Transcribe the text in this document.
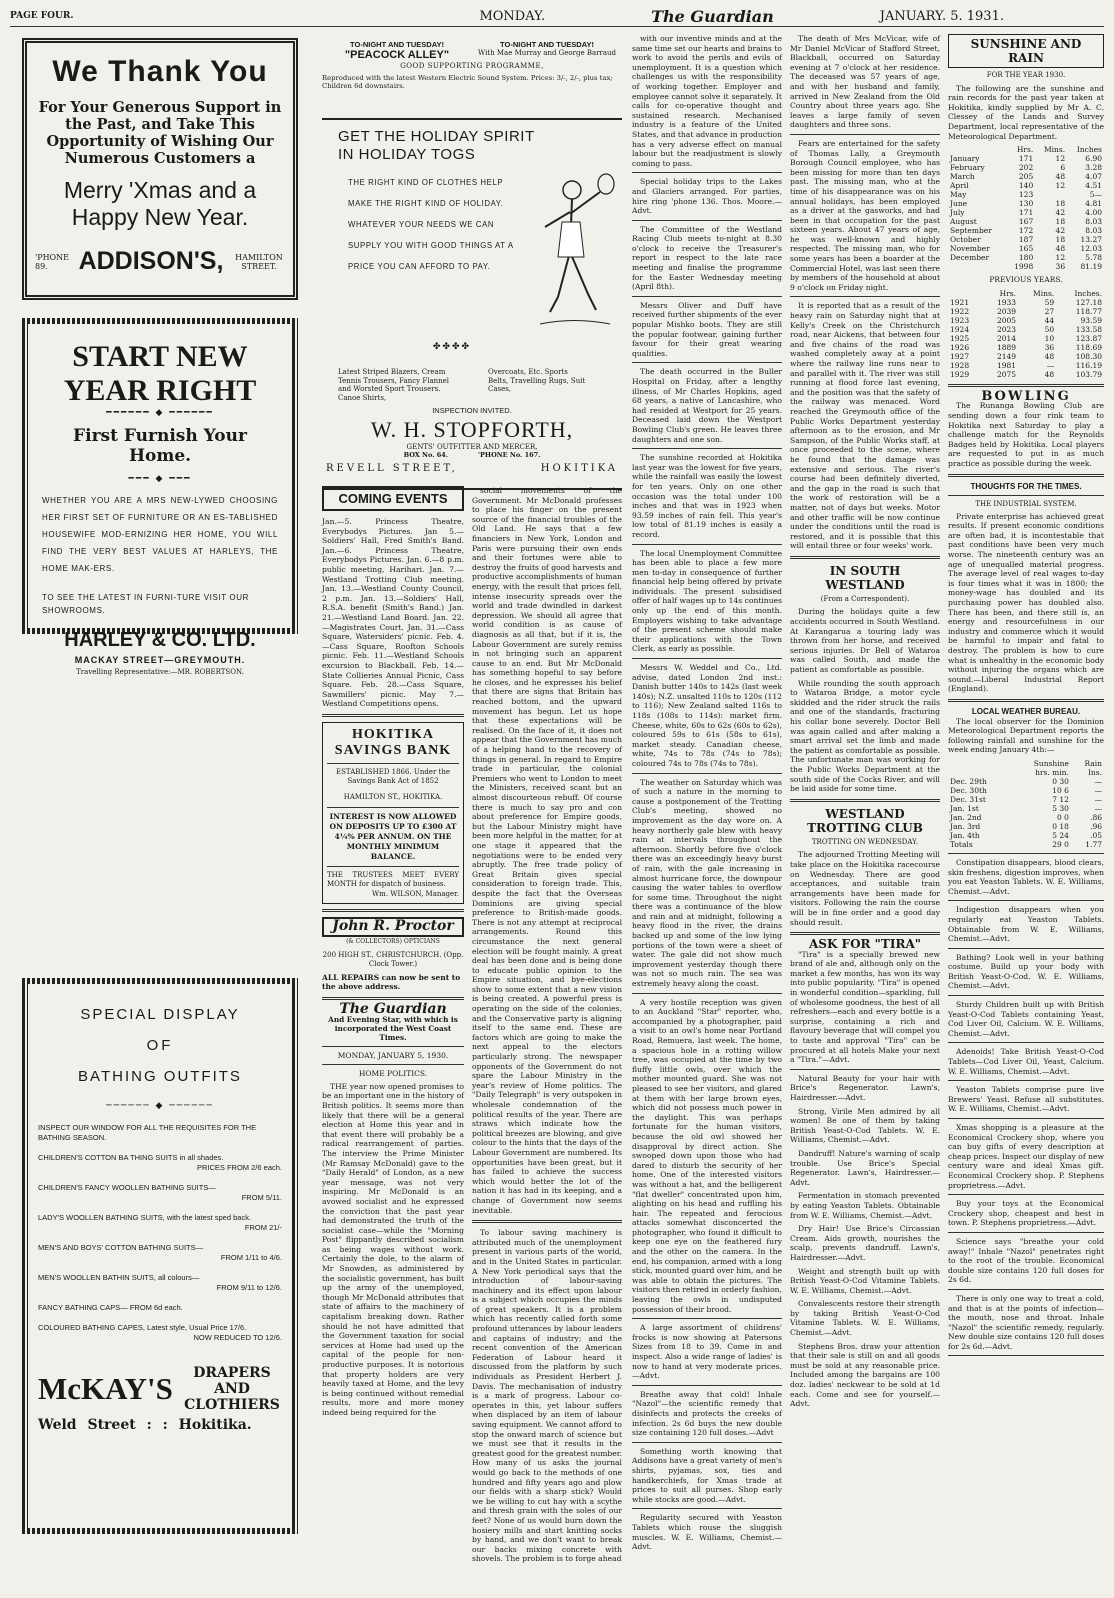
PAGE FOUR.	MONDAY.	The Guardian	JANUARY. 5. 1931.
We Thank You
For Your Generous Support in the Past, and Take This Opportunity of Wishing Our Numerous Customers a
Merry 'Xmas and a Happy New Year.
'PHONE 89.	ADDISON'S, HAMILTON STREET.
START NEW YEAR RIGHT
━━━━━━ ◆ ━━━━━━
First Furnish Your Home.
━━━ ◆ ━━━
WHETHER YOU ARE A MRS NEW-LYWED CHOOSING HER FIRST SET OF FURNITURE OR AN ES-TABLISHED HOUSEWIFE MOD-ERNIZING HER HOME, YOU WILL FIND THE VERY BEST VALUES AT HARLEYS, THE HOME MAK-ERS.
TO SEE THE LATEST IN FURNI-TURE VISIT OUR SHOWROOMS.
HARLEY & CO. LTD.
MACKAY STREET—GREYMOUTH.
Travelling Representative:—MR. ROBERTSON.
SPECIAL DISPLAY
OF
BATHING OUTFITS
────── ◆ ──────
INSPECT OUR WINDOW FOR ALL THE REQUISITES FOR THE BATHING SEASON.
CHILDREN'S COTTON BA THING SUITS in all shades.
PRICES FROM 2/6 each.
CHILDREN'S FANCY WOOLLEN BATHING SUITS—
FROM 5/11.
LADY'S WOOLLEN BATHING SUITS, with the latest sped back.
FROM 21/-
MEN'S AND BOYS' COTTON BATHING SUITS—
FROM 1/11 to 4/6.
MEN'S WOOLLEN BATHIN SUITS, all colours—
FROM 9/11 to 12/6.
FANCY BATHING CAPS— FROM 6d each.
COLOURED BATHING CAPES, Latest style, Usual Price 17/6.
NOW REDUCED TO 12/6.
McKAY'S	DRAPERS AND CLOTHIERS
Weld Street : : Hokitika.
TO-NIGHT AND TUESDAY!
"PEACOCK ALLEY"
TO-NIGHT AND TUESDAY!
With Mae Murray and George Barraud
GOOD SUPPORTING PROGRAMME,
Reproduced with the latest Western Electric Sound System. Prices: 3/-, 2/-, plus tax; Children 6d downstairs.
GET THE HOLIDAY SPIRIT IN HOLIDAY TOGS
THE RIGHT KIND OF CLOTHES HELP MAKE THE RIGHT KIND OF HOLIDAY. WHATEVER YOUR NEEDS WE CAN SUPPLY YOU WITH GOOD THINGS AT A PRICE YOU CAN AFFORD TO PAY.
✤✤✤✤
Latest Striped Blazers, Cream Tennis Trousers, Fancy Flannel and Worsted Sport Trousers. Canoe Shirts,
Overcoats, Etc. Sports Belts, Travelling Rugs, Suit Cases,
INSPECTION INVITED.
W. H. STOPFORTH,
GENTS' OUTFITTER AND MERCER,
BOX No. 64.	'PHONE No. 167.
REVELL STREET,	HOKITIKA
COMING EVENTS
Jan.—5. Princess Theatre, Everybodys Pictures. Jan 5.—Soldiers' Hall, Fred Smith's Band. Jan.—6. Princess Theatre, Everybodys Pictures. Jan. 6.—8 p.m. public meeting, Harihari. Jan. 7.—Westland Trotting Club meeting. Jan. 13.—Westland County Council, 2 p.m. Jan. 13.—Soldiers' Hall, R.S.A. benefit (Smith's Band.) Jan. 21.—Westland Land Board. Jan. 22.—Magistrates Court. Jan. 31.—Cass Square, Watersiders' picnic. Feb. 4.—Cass Square, Roofton Schools picnic. Feb. 11.—Westland Schools excursion to Blackball. Feb. 14.—State Collieries Annual Picnic, Cass Square. Feb. 28.—Cass Square, Sawmillers' picnic. May 7.—Westland Competitions opens.
HOKITIKA SAVINGS BANK
ESTABLISHED 1866. Under the Savings Bank Act of 1852
HAMILTON ST., HOKITIKA.
INTEREST IS NOW ALLOWED ON DEPOSITS UP TO £300 AT 4¼% PER ANNUM. ON THE MONTHLY MINIMUM BALANCE.
THE TRUSTEES MEET EVERY MONTH for dispatch of business.
Wm. WILSON, Manager.
John R. Proctor
(& COLLECTORS) OPTICIANS
200 HIGH ST., CHRISTCHURCH. (Opp. Clock Tower.)
ALL REPAIRS can now be sent to the above address.
The Guardian
And Evening Star, with which is incorporated the West Coast Times.
MONDAY, JANUARY 5, 1930.
HOME POLITICS.

THE year now opened promises to be an important one in the history of British politics. It seems more than likely that there will be a general election at Home this year and in that event there will probably be a radical rearrangement of parties. The interview the Prime Minister (Mr Ramsay McDonald) gave to the "Daily Herald" of London, as a new year message, was not very inspiring. Mr McDonald is an avowed socialist and he expressed the conviction that the past year had demonstrated the truth of the socialist case—while the "Morning Post" flippantly described socialism as being wages without work. Certainly the dole, to the alarm of Mr Snowden, as administered by the socialistic government, has built up the army of the unemployed, though Mr McDonald attributes that state of affairs to the machinery of capitalism breaking down. Rather should he not have admitted that the Government taxation for social services at Home had used up the capital of the people for non-productive purposes. It is notorious that property holders are very heavily taxed at Home, and the levy is being continued without remedial results, more and more money indeed being required for the

social movements of the Government. Mr McDonald professes to place his finger on the present source of the financial troubles of the Old Land. He says that a few financiers in New York, London and Paris were pursuing their own ends and their fortunes were able to destroy the fruits of good harvests and productive accomplishments of human energy, with the result that prices fell, intense insecurity spreads over the world and trade dwindled in darkest depression. We should all agree that world condition is as cause of diagnosis as all that, but if it is, the Labour Government are surely remiss in not bringing such an apparent cause to an end. But Mr McDonald has something hopeful to say before he closes, and he expresses his belief that there are signs that Britain has reached bottom, and the upward movement has begun. Let us hope that these expectations will be realised. On the face of it, it does not appear that the Government has much of a helping hand to the recovery of things in general. In regard to Empire trade in particular, the colonial Premiers who went to London to meet the Ministers, received scant but an almost discourteous rebuff. Of course there is much to say pro and con about preference for Empire goods, but the Labour Ministry might have been more helpful in the matter, for at one stage it appeared that the negotiations were to be ended very abruptly. The free trade policy of Great Britain gives special consideration to foreign trade. This, despite the fact that the Overseas Dominions are giving special preference to British-made goods. There is not any attempt at reciprocal arrangements. Round this circumstance the next general election will be fought mainly. A great deal has been done and is being done to educate public opinion to the Empire situation, and bye-elections show to some extent that a new vision is being created. A powerful press is operating on the side of the colonies, and the Conservative party is aligning itself to the same end. These are factors which are going to make the next appeal to the electors particularly strong. The newspaper opponents of the Government do not spare the Labour Ministry in the year's review of Home politics. The "Daily Telegraph" is very outspoken in wholesale condemnation of the political results of the year. There are straws which indicate how the political breezes are blowing, and give colour to the hints that the days of the Labour Government are numbered. Its opportunities have been great, but it has failed to achieve the success which would better the lot of the nation it has had in its keeping, and a change of Government now seems inevitable.

To labour saving machinery is attributed much of the unemployment present in various parts of the world, and in the United States in particular. A New York periodical says that the introduction of labour-saving machinery and its effect upon labour is a subject which occupies the minds of great speakers. It is a problem which has recently called forth some profound utterances by labour leaders and captains of industry; and the recent convention of the American Federation of Labour heard it discussed from the platform by such individuals as President Herbert J. Davis. The mechanisation of industry is a mark of progress. Labour co-operates in this, yet labour suffers when displaced by an item of labour saving equipment. We cannot afford to stop the onward march of science but we must see that it results in the greatest good for the greatest number. How many of us asks the journal would go back to the methods of one hundred and fifty years ago and plow our fields with a sharp stick? Would we be willing to cut hay with a scythe and thresh grain with the soles of our feet? None of us would burn down the hosiery mills and start knitting socks by hand, and we don't want to break our backs mixing concrete with shovels. The problem is to forge ahead

with our inventive minds and at the same time set our hearts and brains to work to avoid the perils and evils of unemployment. It is a question which challenges us with the responsibility of working together. Employer and employee cannot solve it separately. It calls for co-operative thought and sustained research. Mechanised industry is a feature of the United States, and that advance in production has a very adverse effect on manual labour but the readjustment is slowly coming to pass.

Special holiday trips to the Lakes and Glaciers arranged. For parties, hire ring 'phone 136. Thos. Moore.—Advt.

The Committee of the Westland Racing Club meets to-night at 8.30 o'clock to receive the Treasurer's report in respect to the late race meeting and finalise the programme for the Easter Wednesday meeting (April 8th).

Messrs Oliver and Duff have received further shipments of the ever popular Mishko boots. They are still the popular footwear, gaining further favour for their great wearing qualities.

The death occurred in the Buller Hospital on Friday, after a lengthy illness, of Mr Charles Hopkins, aged 68 years, a native of Lancashire, who had resided at Westport for 25 years. Deceased laid down the Westport Bowling Club's green. He leaves three daughters and one son.

The sunshine recorded at Hokitika last year was the lowest for five years, while the rainfall was easily the lowest for ten years. Only on one other occasion was the total under 100 inches and that was in 1923 when 93.59 inches of rain fell. This year's low total of 81.19 inches is easily a record.

The local Unemployment Committee has been able to place a few more men to-day in consequence of further financial help being offered by private individuals. The present subsidised offer of half wages up to 14s continues only up the end of this month. Employers wishing to take advantage of the present scheme should make their applications with the Town Clerk, as early as possible.

Messrs W. Weddel and Co., Ltd. advise, dated London 2nd inst.: Danish butter 140s to 142s (last week 140s); N.Z. unsalted 110s to 120s (112 to 116); New Zealand salted 116s to 118s (108s to 114s): market firm. Cheese, white, 60s to 62s (60s to 62s), coloured 59s to 61s (58s to 61s), market steady. Canadian cheese, white, 74s to 78s (74s to 78s); coloured 74s to 78s (74s to 78s).

The weather on Saturday which was of such a nature in the morning to cause a postponement of the Trotting Club's meeting, showed no improvement as the day wore on. A heavy northerly gale blew with heavy rain at intervals throughout the afternoon. Shortly before five o'clock there was an exceedingly heavy burst of rain, with the gale increasing in almost hurricane force, the downpour causing the water tables to overflow for some time. Throughout the night there was a continuance of the blow and rain and at midnight, following a heavy flood in the river, the drains backed up and some of the low lying portions of the town were a sheet of water. The gale did not show much improvement yesterday though there was not so much rain. The sea was extremely heavy along the coast.

A very hostile reception was given to an Auckland "Star" reporter, who, accompanied by a photographer, paid a visit to an owl's home near Portland Road, Remuera, last week. The home, a spacious hole in a rotting willow tree, was occupied at the time by two fluffy little owls, over which the mother mounted guard. She was not pleased to see her visitors, and glared at them with her large brown eyes, which did not possess much power in the daylight. This was perhaps fortunate for the human visitors, because the old owl showed her disapproval by direct action. She swooped down upon those who had dared to disturb the security of her home. One of the interested visitors was without a hat, and the belligerent "flat dweller" concentrated upon him, alighting on his head and ruffling his hair. The repeated and ferocious attacks somewhat disconcerted the photographer, who found it difficult to keep one eye on the feathered fury and the other on the camera. In the end, his companion, armed with a long stick, mounted guard over him, and he was able to obtain the pictures. The visitors then retired in orderly fashion, leaving the owls in undisputed possession of their brood.

A large assortment of childrens' frocks is now showing at Patersons Sizes from 18 to 39. Come in and inspect. Also a wide range of ladies' is now to hand at very moderate prices.—Advt.

Breathe away that cold! Inhale "Nazol"—the scientific remedy that disinfects and protects the creeks of infection. 2s 6d buys the new double size containing 120 full doses.—Advt

Something worth knowing that Addisons have a great variety of men's shirts, pyjamas, sox, ties and handkerchiefs, for Xmas trade at prices to suit all purses. Shop early while stocks are good.—Advt.

Regularity secured with Yeaston Tablets which rouse the sluggish muscles. W. E. Williams, Chemist.—Advt.

The death of Mrs McVicar, wife of Mr Daniel McVicar of Stafford Street, Blackball, occurred on Saturday evening at 7 o'clock at her residence. The deceased was 57 years of age, and with her husband and family, arrived in New Zealand from the Old Country about three years ago. She leaves a large family of seven daughters and three sons.

Fears are entertained for the safety of Thomas Lally, a Greymouth Borough Council employee, who has been missing for more than ten days past. The missing man, who at the time of his disappearance was on his annual holidays, has been employed as a driver at the gasworks, and had been in that occupation for the past sixteen years. About 47 years of age, he was well-known and highly respected. The missing man, who for some years has been a boarder at the Commercial Hotel, was last seen there by members of the household at about 9 o'clock on Friday night.

It is reported that as a result of the heavy rain on Saturday night that at Kelly's Creek on the Christchurch road, near Aickens, that between four and five chains of the road was washed completely away at a point where the railway line runs near to and parallel with it. The river was still running at flood force last evening, and the position was that the safety of the railway was menaced. Word reached the Greymouth office of the Public Works Department yesterday afternoon as to the erosion, and Mr Sampson, of the Public Works staff, at once proceeded to the scene, where he found that the damage was extensive and serious. The river's course had been definitely diverted, and the gap in the road is such that the work of restoration will be a matter, not of days but weeks. Motor and other traffic will be now continue under the conditions until the road is restored, and it is possible that this will entail three or four weeks' work.

IN SOUTH WESTLAND
(From a Correspondent).

During the holidays quite a few accidents occurred in South Westland. At Karangarua a touring lady was thrown from her horse, and received serious injuries. Dr Bell of Wataroa was called South, and made the patient as comfortable as possible.

While rounding the south approach to Wataroa Bridge, a motor cycle skidded and the rider struck the rails and one of the standards, fracturing his collar bone severely. Doctor Bell was again called and after making a smart arrival set the limb and made the patient as comfortable as possible. The unfortunate man was working for the Public Works Department at the south side of the Cocks River, and will be laid aside for some time.

WESTLAND TROTTING CLUB
TROTTING ON WEDNESDAY.

The adjourned Trotting Meeting will take place on the Hokitika racecourse on Wednesday. There are good acceptances, and suitable train arrangements have been made for visitors. Following the rain the course will be in fine order and a good day should result.

ASK FOR "TIRA"

"Tira" is a specially brewed new brand of ale and, although only on the market a few months, has won its way into public popularity. "Tira" is opened in wonderful condition—sparkling, full of wholesome goodness, the best of all refreshers—each and every bottle is a surprise, containing a rich and flavoury beverage that will compel you to taste and approval "Tira" can be procured at all hotels Make your next a "Tira."—Advt.

Natural Beauty for your hair with Brice's Regenerator. Lawn's, Hairdresser.—Advt.

Strong, Virile Men admired by all women! Be one of them by taking British Yeast-O-Cod Tablets. W. E. Williams, Chemist.—Advt.

Dandruff! Nature's warning of scalp trouble. Use Brice's Special Regenerator. Lawn's, Hairdresser.—Advt.

Fermentation in stomach prevented by eating Yeaston Tablets. Obtainable from W. E. Williams, Chemist.—Advt.

Dry Hair! Use Brice's Circassian Cream. Aids growth, nourishes the scalp, prevents dandruff. Lawn's, Hairdresser.—Advt.

Weight and strength built up with British Yeast-O-Cod Vitamine Tablets. W. E. Williams, Chemist.—Advt.

Convalescents restore their strength by taking British Yeast-O-Cod Vitamine Tablets. W. E. Williams, Chemist.—Advt.

Stephens Bros. draw your attention that their sale is still on and all goods must be sold at any reasonable price. Included among the bargains are 100 doz. ladies' neckwear to be sold at 1d each. Come and see for yourself.—Advt.

SUNSHINE AND RAIN
FOR THE YEAR 1930.

The following are the sunshine and rain records for the past year taken at Hokitika, kindly supplied by Mr A. C. Clessey of the Lands and Survey Department, local representative of the Meteorological Department.

	Hrs.	Mins.	Inches
January	171	12	6.90
February	202	6	3.28
March	205	48	4.07
April	140	12	4.51
May	123		5—
June	130	18	4.81
July	171	42	4.00
August	167	18	8.03
September	172	42	8.03
October	187	18	13.27
November	165	48	12.03
December	180	12	5.78
	1998	36	81.19
PREVIOUS YEARS.
	Hrs.	Mins.	Inches.
1921	1933	59	127.18
1922	2039	27	118.77
1923	2005	44	93.59
1924	2023	50	133.58
1925	2014	10	123.87
1926	1889	36	118.69
1927	2149	48	108.30
1928	1981	—	116.19
1929	2075	48	103.79
BOWLING

The Runanga Bowling Club are sending down a four rink team to Hokitika next Saturday to play a challenge match for the Reynolds Badges held by Hokitika. Local players are requested to put in as much practice as possible during the week.

THOUGHTS FOR THE TIMES.
THE INDUSTRIAL SYSTEM.

Private enterprise has achieved great results. If present economic conditions are often bad, it is incontestable that past conditions have been very much worse. The nineteenth century was an age of unequalled material progress. The average level of real wages to-day is four times what it was in 1800; the money-wage has doubled and its purchasing power has doubled also. There has been, and there still is, an energy and resourcefulness in our industry and commerce which it would be harmful to impair and fatal to destroy. The problem is how to cure what is unhealthy in the economic body without injuring the organs which are sound.—Liberal Industrial Report (England).

LOCAL WEATHER BUREAU.

The local observer for the Dominion Meteorological Department reports the following rainfall and sunshine for the week ending January 4th:—

	Sunshine	Rain
	hrs. min.	Ins.
Dec. 29th	0 30	—
Dec. 30th	10 6	—
Dec. 31st	7 12	—
Jan. 1st	5 30	—
Jan. 2nd	0 0	.86
Jan. 3rd	0 18	.96
Jan. 4th	5 24	.05
Totals	29 0	1.77

Constipation disappears, blood clears, skin freshens, digestion improves, when you eat Yeaston Tablets. W. E. Williams, Chemist.—Advt.

Indigestion disappears when you regularly eat Yeaston Tablets. Obtainable from W. E. Williams, Chemist.—Advt.

Bathing? Look well in your bathing costume. Build up your body with British Yeast-O-Cod. W. E. Williams, Chemist.—Advt.

Sturdy Children built up with British Yeast-O-Cod Tablets containing Yeast, Cod Liver Oil, Calcium. W. E. Williams, Chemist.—Advt.

Adenoids! Take British Yeast-O-Cod Tablets—Cod Liver Oil, Yeast, Calcium. W. E. Williams, Chemist.—Advt.

Yeaston Tablets comprise pure live Brewers' Yeast. Refuse all substitutes. W. E. Williams, Chemist.—Advt.

Xmas shopping is a pleasure at the Economical Crockery shop, where you can buy gifts of every description at cheap prices. Inspect our display of new century ware and ideal Xmas gift. Economical Crockery shop. P. Stephens proprietress.—Advt.

Buy your toys at the Economical Crockery shop, cheapest and best in town. P. Stephens proprietress.—Advt.

Science says "breathe your cold away!" Inhale "Nazol" penetrates right to the root of the trouble. Economical double size contains 120 full doses for 2s 6d.

There is only one way to treat a cold, and that is at the points of infection—the mouth, nose and throat. Inhale "Nazol" the scientific remedy, regularly. New double size contains 120 full doses for 2s 6d.—Advt.
